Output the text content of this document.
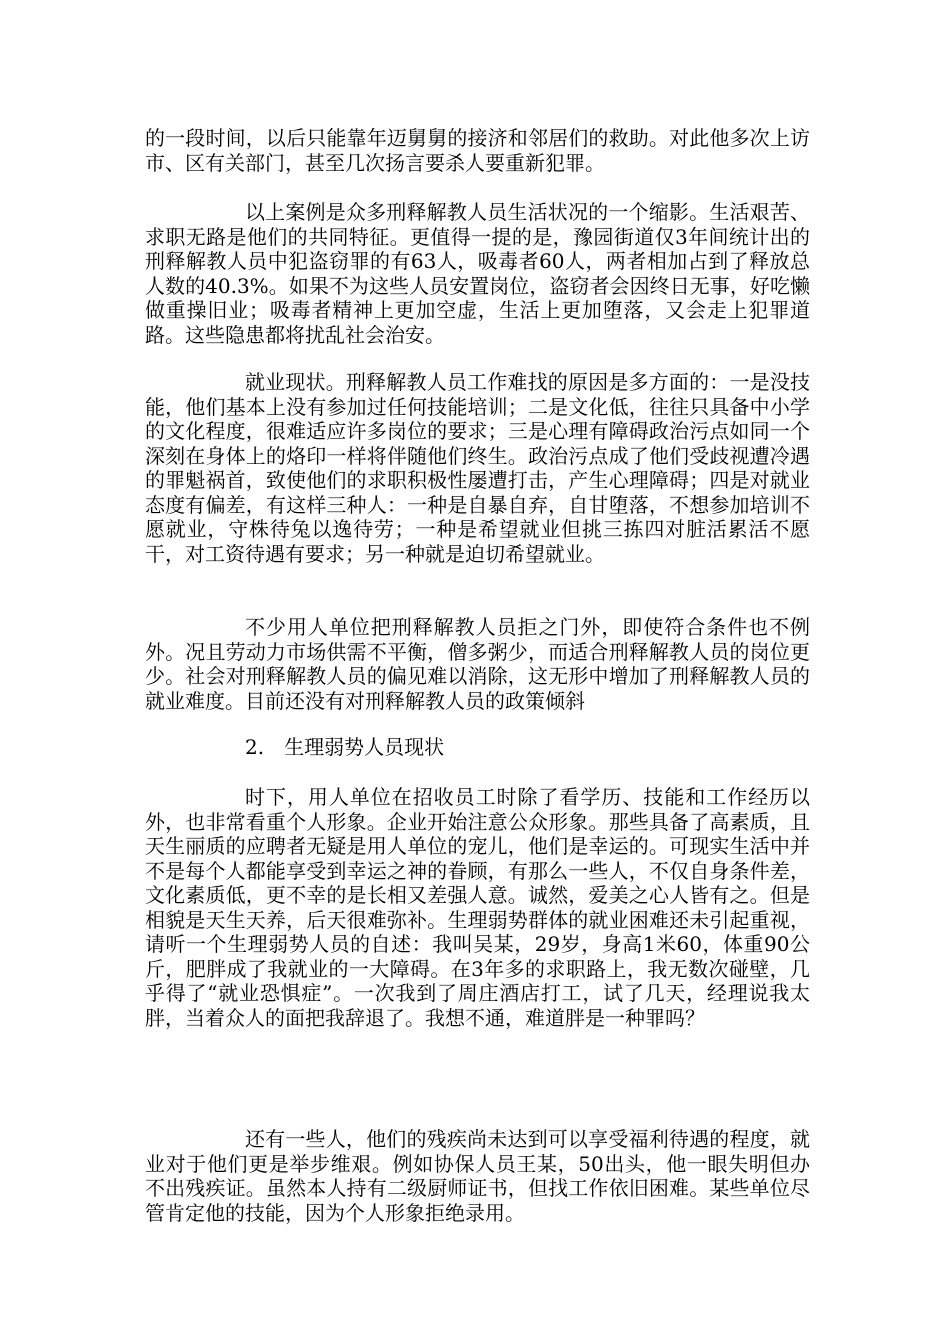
的一段时间，以后只能靠年迈舅舅的接济和邻居们的救助。对此他多次上访市、区有关部门，甚至几次扬言要杀人要重新犯罪。

以上案例是众多刑释解教人员生活状况的一个缩影。生活艰苦、求职无路是他们的共同特征。更值得一提的是，豫园街道仅3年间统计出的刑释解教人员中犯盗窃罪的有63人，吸毒者60人，两者相加占到了释放总人数的40.3%。如果不为这些人员安置岗位，盗窃者会因终日无事，好吃懒做重操旧业；吸毒者精神上更加空虚，生活上更加堕落，又会走上犯罪道路。这些隐患都将扰乱社会治安。

就业现状。刑释解教人员工作难找的原因是多方面的：一是没技能，他们基本上没有参加过任何技能培训；二是文化低，往往只具备中小学的文化程度，很难适应许多岗位的要求；三是心理有障碍政治污点如同一个深刻在身体上的烙印一样将伴随他们终生。政治污点成了他们受歧视遭冷遇的罪魁祸首，致使他们的求职积极性屡遭打击，产生心理障碍；四是对就业态度有偏差，有这样三种人：一种是自暴自弃，自甘堕落，不想参加培训不愿就业，守株待兔以逸待劳；一种是希望就业但挑三拣四对脏活累活不愿干，对工资待遇有要求；另一种就是迫切希望就业。

不少用人单位把刑释解教人员拒之门外，即使符合条件也不例外。况且劳动力市场供需不平衡，僧多粥少，而适合刑释解教人员的岗位更少。社会对刑释解教人员的偏见难以消除，这无形中增加了刑释解教人员的就业难度。目前还没有对刑释解教人员的政策倾斜

2.　生理弱势人员现状

时下，用人单位在招收员工时除了看学历、技能和工作经历以外，也非常看重个人形象。企业开始注意公众形象。那些具备了高素质，且天生丽质的应聘者无疑是用人单位的宠儿，他们是幸运的。可现实生活中并不是每个人都能享受到幸运之神的眷顾，有那么一些人，不仅自身条件差，文化素质低，更不幸的是长相又差强人意。诚然，爱美之心人皆有之。但是相貌是天生天养，后天很难弥补。生理弱势群体的就业困难还未引起重视，请听一个生理弱势人员的自述：我叫吴某，29岁，身高1米60，体重90公斤，肥胖成了我就业的一大障碍。在3年多的求职路上，我无数次碰壁，几乎得了“就业恐惧症”。一次我到了周庄酒店打工，试了几天，经理说我太胖，当着众人的面把我辞退了。我想不通，难道胖是一种罪吗？

还有一些人，他们的残疾尚未达到可以享受福利待遇的程度，就业对于他们更是举步维艰。例如协保人员王某，50出头，他一眼失明但办不出残疾证。虽然本人持有二级厨师证书，但找工作依旧困难。某些单位尽管肯定他的技能，因为个人形象拒绝录用。
